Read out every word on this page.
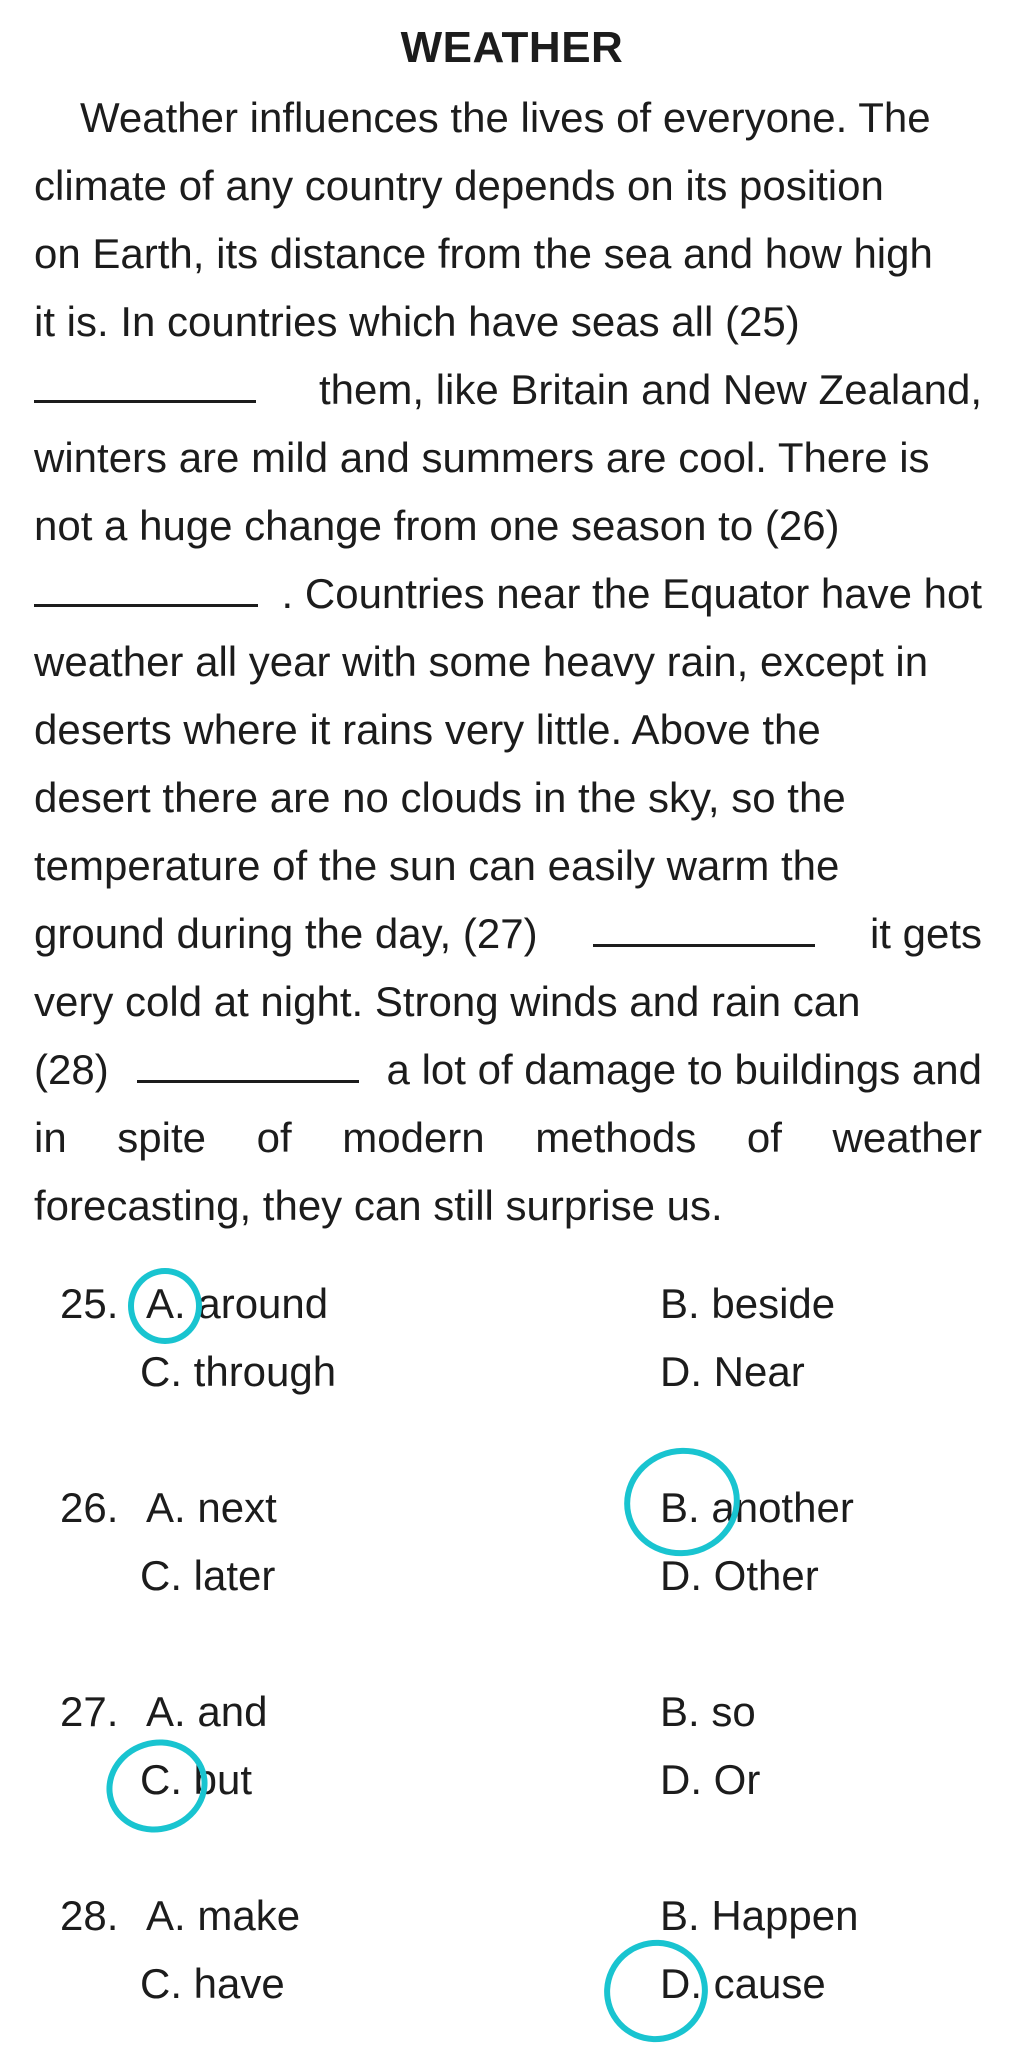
WEATHER
Weather influences the lives of everyone. The
climate of any country depends on its position
on Earth, its distance from the sea and how high
it is. In countries which have seas all (25)
them, like Britain and New Zealand,
winters are mild and summers are cool. There is
not a huge change from one season to (26)
. Countries near the Equator have hot
weather all year with some heavy rain, except in
deserts where it rains very little. Above the
desert there are no clouds in the sky, so the
temperature of the sun can easily warm the
ground during the day, (27)	it gets
very cold at night. Strong winds and rain can
(28)	a lot of damage to buildings and
in spite of modern methods of weather
forecasting, they can still surprise us.
25. A. around	B. beside
C. through	D. Near
26. A. next	B. another
C. later	D. Other
27. A. and	B. so
C. but	D. Or
28. A. make	B. Happen
C. have	D. cause
